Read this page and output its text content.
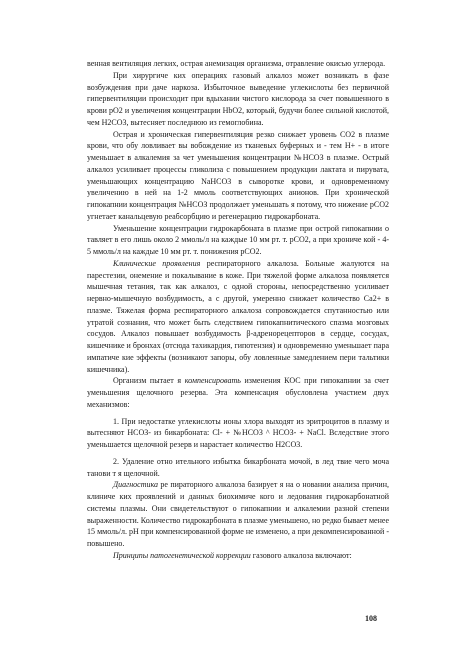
венная вентиляция легких, острая анемизация организма, отравление окисью углерода.

При хирургиче ких операциях газовый алкалоз может возникать в фазе возбуждения при даче наркоза. Избыточное выведение углекислоты без первичной гипервентиляции происходит при вдыхании чистого кислорода за счет повышенного в крови рO2 и увеличения концентрации HbO2, который, будучи более сильной кислотой, чем H2CO3, вытесняет последнюю из гемоглобина.

Острая и хроническая гипервентиляция резко снижает уровень CO2 в плазме крови, что обу ловливает вы вобождение из тканевых буферных и - тем H+ - в итоге уменьшает в алкалемия за чет уменьшения концентрации №НСОЗ в плазме. Острый алкалоз усиливает процессы гликолиза с повышением продукции лактата и пирувата, уменьшающих концентрацию NaHCO3 в сыворотке крови, и одновременному увеличению в ней на 1-2 ммоль соответствующих анионов. При хронической гипокапнии концентрация №НСОЗ продолжает уменьшать я потому, что нижение рCO2 угнетает канальцевую реабсорбцию и регенерацию гидрокарбоната.

Уменьшение концентрации гидрокарбоната в плазме при острой гипокапнии о тавляет в его лишь около 2 ммоль/л на каждые 10 мм рт. т. рCO2, а при хрониче кой - 4-5 ммоль/л на каждые 10 мм рт. т. понижения рCO2.

Клинические проявления респираторного алкалоза. Больные жалуются на парестезии, онемение и покалывание в коже. При тяжелой форме алкалоза появляется мышечная тетания, так как алкалоз, с одной стороны, непосредственно усиливает нервно-мышечную возбудимость, а с другой, умеренно снижает количество Ca2+ в плазме. Тяжелая форма респираторного алкалоза сопровождается спутанностью или утратой сознания, что может быть следствием гипокапнитического спазма мозговых сосудов. Алкалоз повышает возбудимость β-адренорецепторов в сердце, сосудах, кишечнике и бронхах (отсюда тахикардия, гипотензия) и одновременно уменьшает пара импатиче кие эффекты (возникают запоры, обу ловленные замедлением пери тальтики кишечника).

Организм пытает я компенсировать изменения КОС при гипокапнии за счет уменьшения щелочного резерва. Эта компенсация обусловлена участием двух механизмов:

1. При недостатке углекислоты ионы хлора выходят из эритроцитов в плазму и вытесняют НСОЗ- из бикарбоната: Cl- + №НСОЗ ^ НСОЗ- + NaCl. Вследствие этого уменьшается щелочной резерв и нарастает количество H2CO3.

2. Удаление отно ительного избытка бикарбоната мочой, в лед твие чего моча танови т я щелочной.

Диагностика ре пираторного алкалоза базирует я на о новании анализа причин, клиниче ких проявлений и данных биохимиче кого и ледования гидрокарбонатной системы плазмы. Они свидетельствуют о гипокапнии и алкалемии разной степени выраженности. Количество гидрокарбоната в плазме уменьшено, но редко бывает менее 15 ммоль/л. рH при компенсированной форме не изменено, а при декомпенсированной - повышено.

Принципы патогенетической коррекции газового алкалоза включают:

108
